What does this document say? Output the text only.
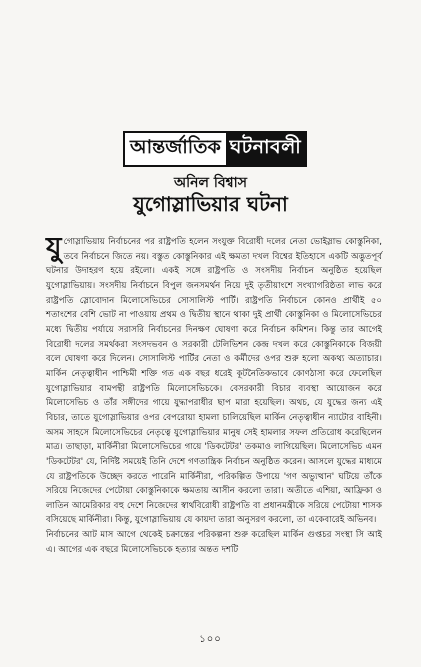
আন্তর্জাতিক ঘটনাবলী
অনিল বিশ্বাস
যুগোস্লাভিয়ার ঘটনা

যুগোস্লাভিয়ায় নির্বাচনের পর রাষ্ট্রপতি হলেন সংযুক্ত বিরোধী দলের নেতা ভোইস্লাভ কোস্তুনিকা, তবে নির্বাচনে জিতে নয়। বস্তুত কোস্তুনিকার এই ক্ষমতা দখল বিশ্বের ইতিহাসে একটি অদ্ভুতপূর্ব ঘটনার উদাহরণ হয়ে রইলো। একই সঙ্গে রাষ্ট্রপতি ও সংসদীয় নির্বাচন অনুষ্ঠিত হয়েছিল যুগোস্লাভিয়ায়। সংসদীয় নির্বাচনে বিপুল জনসমর্থন নিয়ে দুই তৃতীয়াংশে সংখ্যাগরিষ্ঠতা লাভ করে রাষ্ট্রপতি স্লোবোদান মিলোসেভিচের সোসালিস্ট পার্টি। রাষ্ট্রপতি নির্বাচনে কোনও প্রার্থীই ৫০ শতাংশের বেশি ভোট না পাওয়ায় প্রথম ও দ্বিতীয় স্থানে থাকা দুই প্রার্থী কোস্তুনিকা ও মিলোসেভিচের মধ্যে দ্বিতীয় পর্যায়ে সরাসরি নির্বাচনের দিনক্ষণ ঘোষণা করে নির্বাচন কমিশন। কিন্তু তার আগেই বিরোধী দলের সমর্থকরা সংসদভবন ও সরকারী টেলিভিশন কেন্দ্র দখল করে কোস্তুনিকাকে বিজয়ী বলে ঘোষণা করে দিলেন। সোসালিস্ট পার্টির নেতা ও কর্মীদের ওপর শুরু হলো অকথ্য অত্যাচার। মার্কিন নেতৃত্বাধীন পাশ্চিমী শক্তি গত এক বছর ধরেই কূটনৈতিকভাবে কোণঠাসা করে ফেলেছিল যুগোস্লাভিয়ার বামপন্থী রাষ্ট্রপতি মিলোসেভিচকে। বেসরকারী বিচার ব্যবস্থা আয়োজন করে মিলোসেভিচ ও তাঁর সঙ্গীদের গায়ে যুদ্ধাপরাধীর ছাপ মারা হয়েছিল। অথচ, যে যুদ্ধের জন্য এই বিচার, তাতে যুগোস্লাভিয়ার ওপর বেপরোয়া হামলা চালিয়েছিল মার্কিন নেতৃত্বাধীন ন্যাটোর বাহিনী। অসম সাহসে মিলোসেভিচের নেতৃত্বে যুগোস্লাভিয়ার মানুষ সেই হামলার সফল প্রতিরোধ করেছিলেন মাত্র। তাছাড়া, মার্কিনীরা মিলোসেভিচের গায়ে 'ডিকটেটর' তকমাও লাগিয়েছিল। মিলোসেভিচ এমন 'ডিকটেটর' যে, নির্দিষ্ট সময়েই তিনি দেশে গণতান্ত্রিক নির্বাচন অনুষ্ঠিত করেন। আসলে যুদ্ধের মাধ্যমে যে রাষ্ট্রপতিকে উচ্ছেদ করতে পারেনি মার্কিনীরা, পরিকল্পিত উপায়ে 'গণ অভ্যুত্থান' ঘটিয়ে তাঁকে সরিয়ে নিজেদের পেটোয়া কোস্তুনিকাকে ক্ষমতায় আসীন করলো তারা। অতীতে এশিয়া, আফ্রিকা ও লাতিন আমেরিকার বহু দেশে নিজেদের স্বার্থবিরোধী রাষ্ট্রপতি বা প্রধানমন্ত্রীকে সরিয়ে পেটোয়া শাসক বসিয়েছে মার্কিনীরা। কিন্তু, যুগোস্লাভিয়ায় যে কায়দা তারা অনুসরণ করলো, তা একেবারেই অভিনব।

নির্বাচনের আট মাস আগে থেকেই চক্রান্তের পরিকল্পনা শুরু করেছিল মার্কিন গুপ্তচর সংস্থা সি আই এ। আগের এক বছরে মিলোসেভিচকে হত্যার অন্তত দশটি

১০০
